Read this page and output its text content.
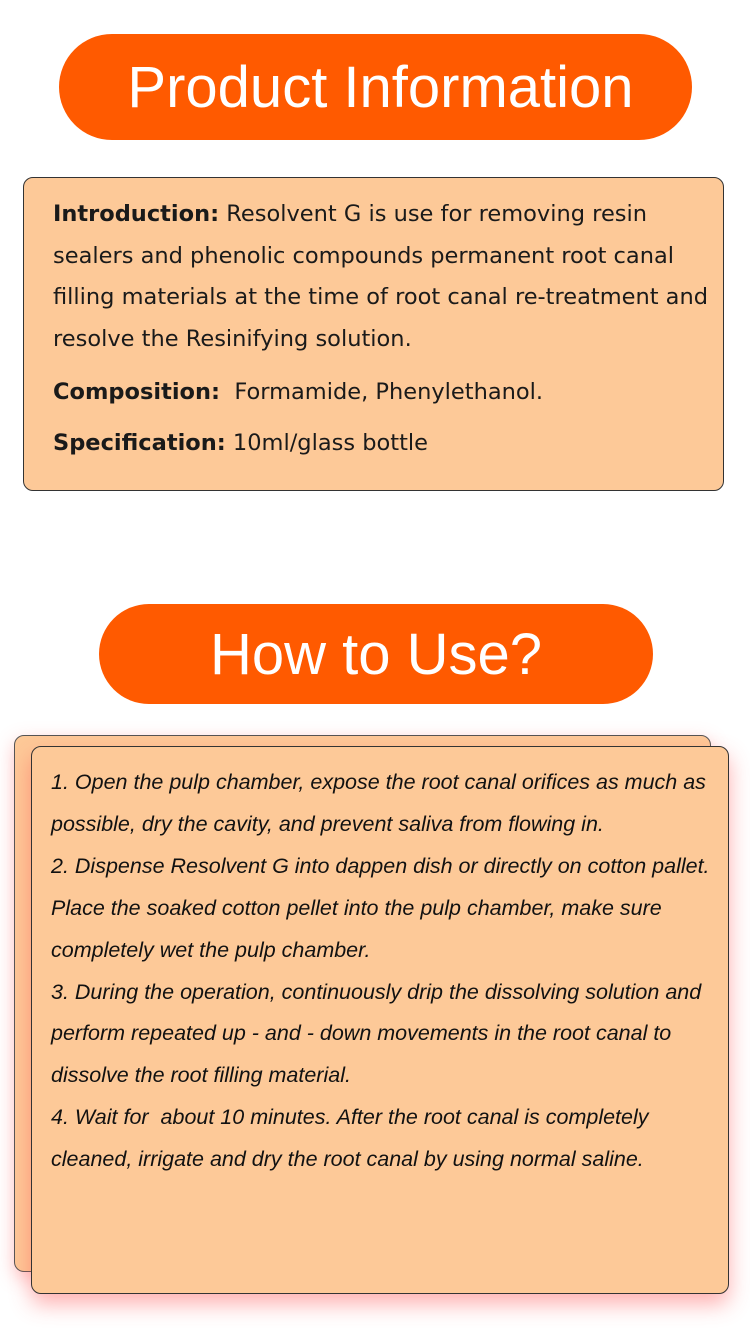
Product Information

Introduction: Resolvent G is use for removing resin sealers and phenolic compounds permanent root canal filling materials at the time of root canal re-treatment and resolve the Resinifying solution.

Composition:  Formamide, Phenylethanol.

Specification: 10ml/glass bottle

How to Use?

1. Open the pulp chamber, expose the root canal orifices as much as possible, dry the cavity, and prevent saliva from flowing in.

2. Dispense Resolvent G into dappen dish or directly on cotton pallet. Place the soaked cotton pellet into the pulp chamber, make sure completely wet the pulp chamber.

3. During the operation, continuously drip the dissolving solution and perform repeated up - and - down movements in the root canal to dissolve the root filling material.

4. Wait for  about 10 minutes. After the root canal is completely cleaned, irrigate and dry the root canal by using normal saline.
